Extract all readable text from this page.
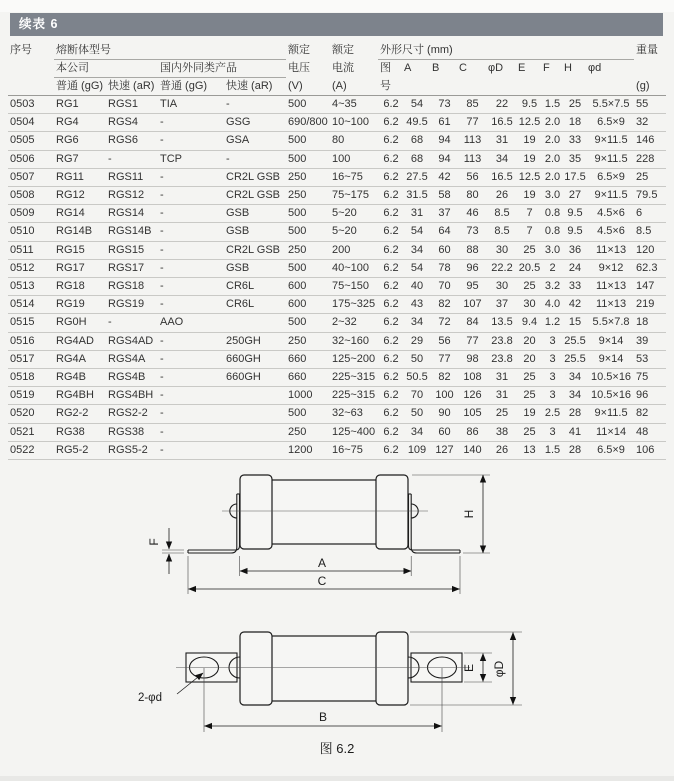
续表 6
序号	熔断体型号				额定	额定	外形尺寸 (mm)									重量
	本公司		国内外同类产品		电压	电流	图	A	B	C	φD	E	F	H	φd	
	普通 (gG)	快速 (aR)	普通 (gG)	快速 (aR)	(V)	(A)	号									(g)
0503	RG1	RGS1	TIA	-	500	4~35	6.2	54	73	85	22	9.5	1.5	25	5.5×7.5	55
0504	RG4	RGS4	-	GSG	690/800	10~100	6.2	49.5	61	77	16.5	12.5	2.0	18	6.5×9	32
0505	RG6	RGS6	-	GSA	500	80	6.2	68	94	113	31	19	2.0	33	9×11.5	146
0506	RG7	-	TCP	-	500	100	6.2	68	94	113	34	19	2.0	35	9×11.5	228
0507	RG11	RGS11	-	CR2L GSB	250	16~75	6.2	27.5	42	56	16.5	12.5	2.0	17.5	6.5×9	25
0508	RG12	RGS12	-	CR2L GSB	250	75~175	6.2	31.5	58	80	26	19	3.0	27	9×11.5	79.5
0509	RG14	RGS14	-	GSB	500	5~20	6.2	31	37	46	8.5	7	0.8	9.5	4.5×6	6
0510	RG14B	RGS14B	-	GSB	500	5~20	6.2	54	64	73	8.5	7	0.8	9.5	4.5×6	8.5
0511	RG15	RGS15	-	CR2L GSB	250	200	6.2	34	60	88	30	25	3.0	36	11×13	120
0512	RG17	RGS17	-	GSB	500	40~100	6.2	54	78	96	22.2	20.5	2	24	9×12	62.3
0513	RG18	RGS18	-	CR6L	600	75~150	6.2	40	70	95	30	25	3.2	33	11×13	147
0514	RG19	RGS19	-	CR6L	600	175~325	6.2	43	82	107	37	30	4.0	42	11×13	219
0515	RG0H	-	AAO		500	2~32	6.2	34	72	84	13.5	9.4	1.2	15	5.5×7.8	18
0516	RG4AD	RGS4AD	-	250GH	250	32~160	6.2	29	56	77	23.8	20	3	25.5	9×14	39
0517	RG4A	RGS4A	-	660GH	660	125~200	6.2	50	77	98	23.8	20	3	25.5	9×14	53
0518	RG4B	RGS4B	-	660GH	660	225~315	6.2	50.5	82	108	31	25	3	34	10.5×16	75
0519	RG4BH	RGS4BH	-		1000	225~315	6.2	70	100	126	31	25	3	34	10.5×16	96
0520	RG2-2	RGS2-2	-		500	32~63	6.2	50	90	105	25	19	2.5	28	9×11.5	82
0521	RG38	RGS38	-		250	125~400	6.2	34	60	86	38	25	3	41	11×14	48
0522	RG5-2	RGS5-2	-		1200	16~75	6.2	109	127	140	26	13	1.5	28	6.5×9	106
F
H
A
C
2-φd
B
E φD
图 6.2
